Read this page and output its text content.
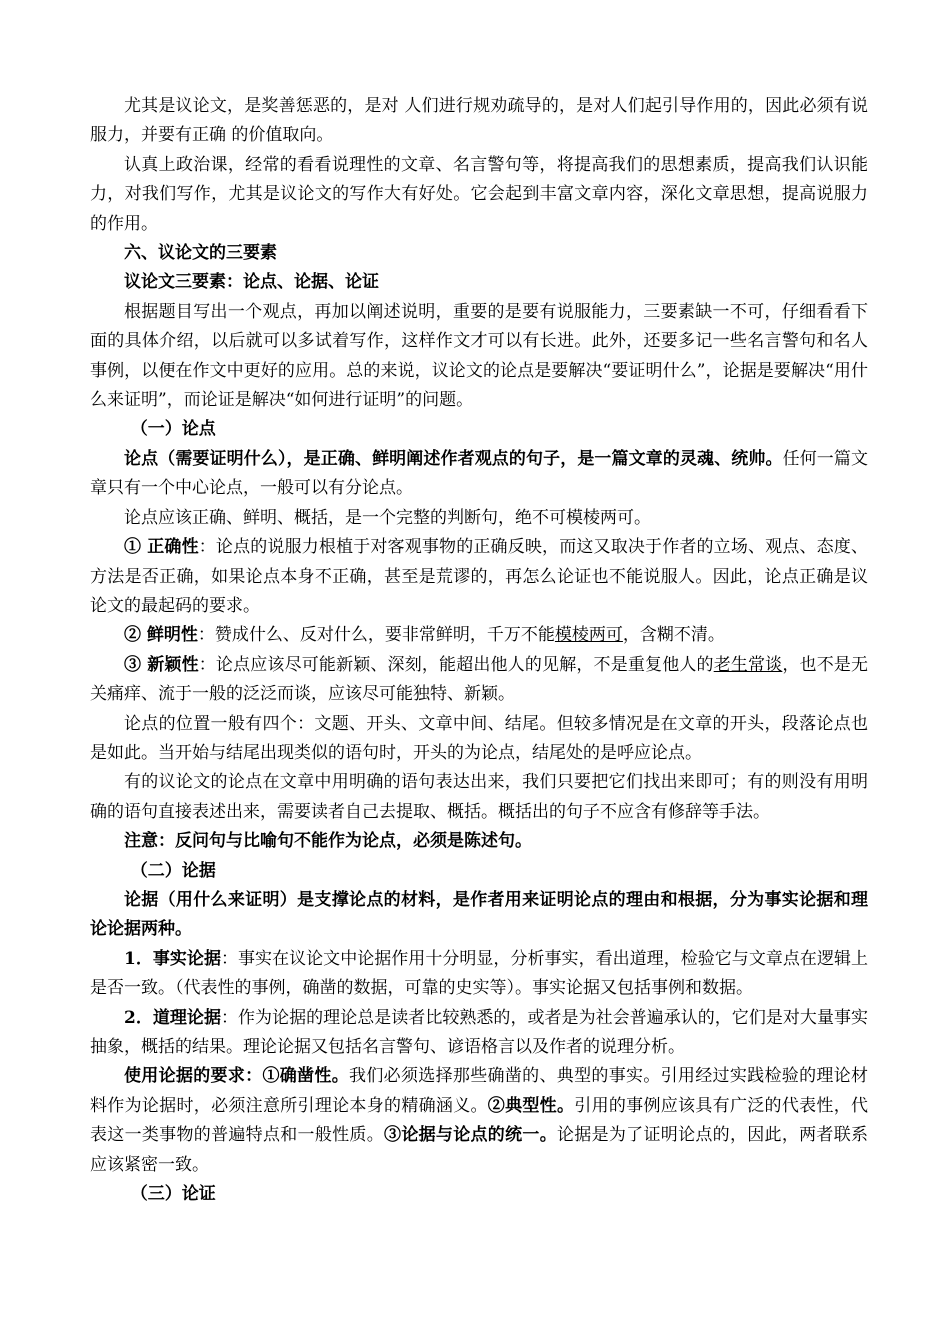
尤其是议论文，是奖善惩恶的，是对 人们进行规劝疏导的，是对人们起引导作用的，因此必须有说服力，并要有正确 的价值取向。

认真上政治课，经常的看看说理性的文章、名言警句等，将提高我们的思想素质，提高我们认识能力，对我们写作，尤其是议论文的写作大有好处。它会起到丰富文章内容，深化文章思想，提高说服力的作用。

六、议论文的三要素

议论文三要素：论点、论据、论证

根据题目写出一个观点，再加以阐述说明，重要的是要有说服能力，三要素缺一不可，仔细看看下面的具体介绍，以后就可以多试着写作，这样作文才可以有长进。此外，还要多记一些名言警句和名人事例，以便在作文中更好的应用。总的来说，议论文的论点是要解决“要证明什么”，论据是要解决“用什么来证明”，而论证是解决“如何进行证明”的问题。

（一）论点

论点（需要证明什么），是正确、鲜明阐述作者观点的句子，是一篇文章的灵魂、统帅。任何一篇文章只有一个中心论点，一般可以有分论点。

论点应该正确、鲜明、概括，是一个完整的判断句，绝不可模棱两可。

① 正确性：论点的说服力根植于对客观事物的正确反映，而这又取决于作者的立场、观点、态度、方法是否正确，如果论点本身不正确，甚至是荒谬的，再怎么论证也不能说服人。因此，论点正确是议论文的最起码的要求。

② 鲜明性：赞成什么、反对什么，要非常鲜明，千万不能模棱两可，含糊不清。

③ 新颖性：论点应该尽可能新颖、深刻，能超出他人的见解，不是重复他人的老生常谈，也不是无关痛痒、流于一般的泛泛而谈，应该尽可能独特、新颖。

论点的位置一般有四个：文题、开头、文章中间、结尾。但较多情况是在文章的开头，段落论点也是如此。当开始与结尾出现类似的语句时，开头的为论点，结尾处的是呼应论点。

有的议论文的论点在文章中用明确的语句表达出来，我们只要把它们找出来即可；有的则没有用明确的语句直接表述出来，需要读者自己去提取、概括。概括出的句子不应含有修辞等手法。

注意：反问句与比喻句不能作为论点，必须是陈述句。

（二）论据

论据（用什么来证明）是支撑论点的材料，是作者用来证明论点的理由和根据，分为事实论据和理论论据两种。

1．事实论据：事实在议论文中论据作用十分明显，分析事实，看出道理，检验它与文章点在逻辑上是否一致。（代表性的事例，确凿的数据，可靠的史实等）。事实论据又包括事例和数据。

2．道理论据：作为论据的理论总是读者比较熟悉的，或者是为社会普遍承认的，它们是对大量事实抽象，概括的结果。理论论据又包括名言警句、谚语格言以及作者的说理分析。

使用论据的要求：①确凿性。我们必须选择那些确凿的、典型的事实。引用经过实践检验的理论材料作为论据时，必须注意所引理论本身的精确涵义。②典型性。引用的事例应该具有广泛的代表性，代表这一类事物的普遍特点和一般性质。③论据与论点的统一。论据是为了证明论点的，因此，两者联系应该紧密一致。

（三）论证
